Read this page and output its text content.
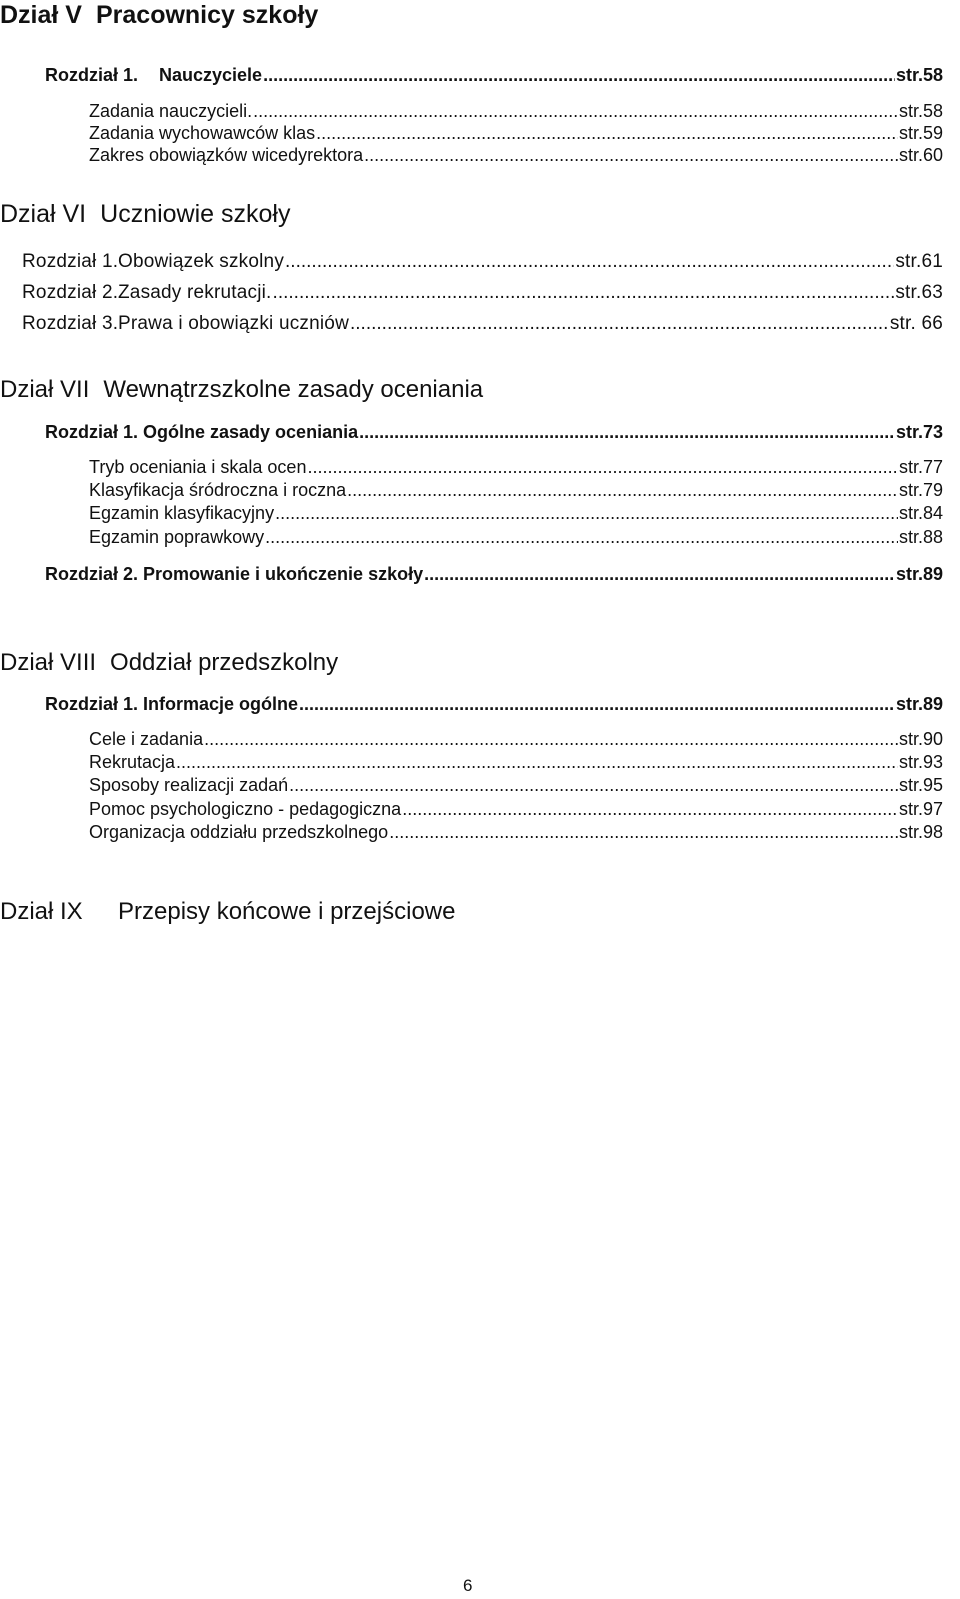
Dział V Pracownicy szkoły
Rozdział 1. Nauczyciele .....	str.58
Zadania nauczycieli. .....	str.58
Zadania wychowawców klas .....	str.59
Zakres obowiązków wicedyrektora .....	str.60
Dział VI Uczniowie szkoły
Rozdział 1.Obowiązek szkolny .....	str.61
Rozdział 2.Zasady rekrutacji. .....	str.63
Rozdział 3.Prawa i obowiązki uczniów .....	str. 66
Dział VII Wewnątrzszkolne zasady oceniania
Rozdział 1. Ogólne zasady oceniania .....	str.73
Tryb oceniania i skala ocen .....	str.77
Klasyfikacja śródroczna i roczna .....	str.79
Egzamin klasyfikacyjny .....	str.84
Egzamin poprawkowy .....	str.88
Rozdział 2. Promowanie i ukończenie szkoły .....	str.89
Dział VIII Oddział przedszkolny
Rozdział 1. Informacje ogólne .....	str.89
Cele i zadania .....	str.90
Rekrutacja .....	str.93
Sposoby realizacji zadań .....	str.95
Pomoc psychologiczno - pedagogiczna .....	str.97
Organizacja oddziału przedszkolnego .....	str.98
Dział IX Przepisy końcowe i przejściowe
6
